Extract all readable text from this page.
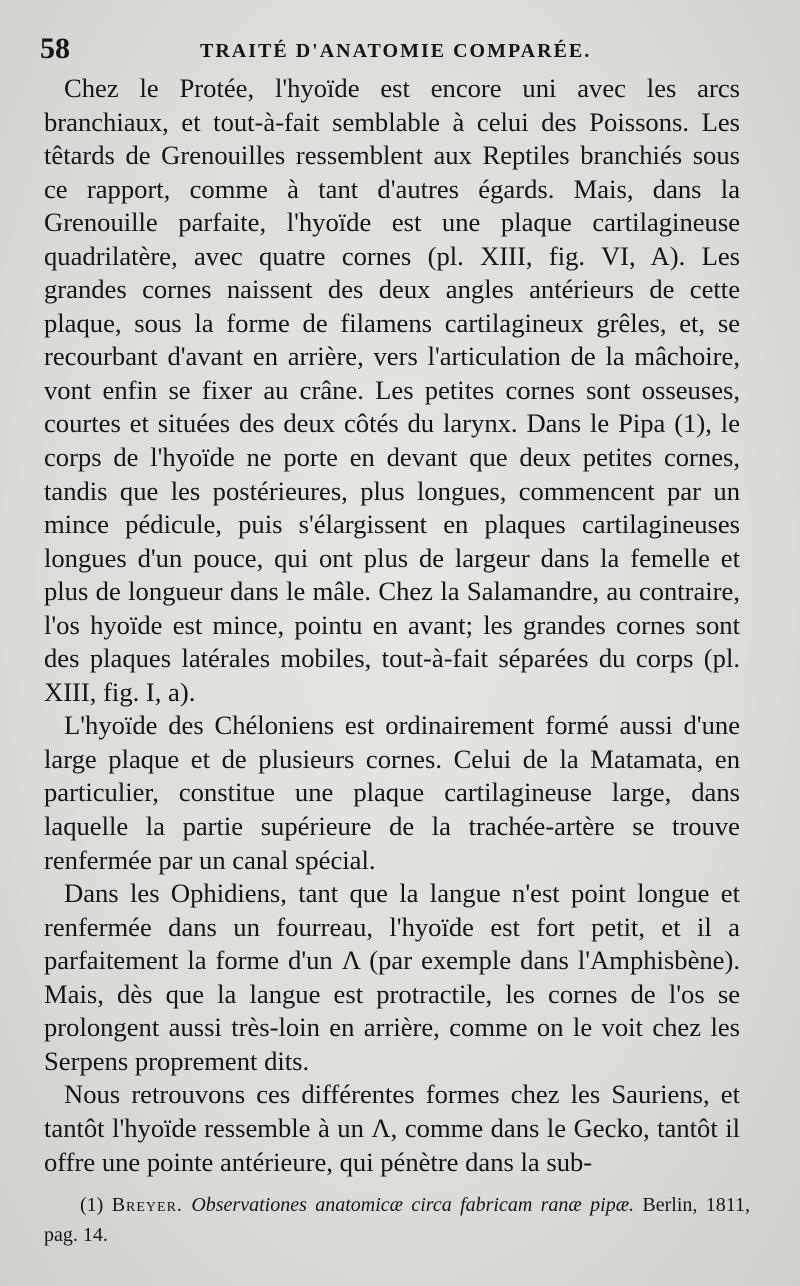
58	TRAITÉ D'ANATOMIE COMPARÉE.

Chez le Protée, l'hyoïde est encore uni avec les arcs branchiaux, et tout-à-fait semblable à celui des Poissons. Les têtards de Grenouilles ressemblent aux Reptiles branchiés sous ce rapport, comme à tant d'autres égards. Mais, dans la Grenouille parfaite, l'hyoïde est une plaque cartilagineuse quadrilatère, avec quatre cornes (pl. XIII, fig. VI, A). Les grandes cornes naissent des deux angles antérieurs de cette plaque, sous la forme de filamens cartilagineux grêles, et, se recourbant d'avant en arrière, vers l'articulation de la mâchoire, vont enfin se fixer au crâne. Les petites cornes sont osseuses, courtes et situées des deux côtés du larynx. Dans le Pipa (1), le corps de l'hyoïde ne porte en devant que deux petites cornes, tandis que les postérieures, plus longues, commencent par un mince pédicule, puis s'élargissent en plaques cartilagineuses longues d'un pouce, qui ont plus de largeur dans la femelle et plus de longueur dans le mâle. Chez la Salamandre, au contraire, l'os hyoïde est mince, pointu en avant; les grandes cornes sont des plaques latérales mobiles, tout-à-fait séparées du corps (pl. XIII, fig. I, a).

L'hyoïde des Chéloniens est ordinairement formé aussi d'une large plaque et de plusieurs cornes. Celui de la Matamata, en particulier, constitue une plaque cartilagineuse large, dans laquelle la partie supérieure de la trachée-artère se trouve renfermée par un canal spécial.

Dans les Ophidiens, tant que la langue n'est point longue et renfermée dans un fourreau, l'hyoïde est fort petit, et il a parfaitement la forme d'un Λ (par exemple dans l'Amphisbène). Mais, dès que la langue est protractile, les cornes de l'os se prolongent aussi très-loin en arrière, comme on le voit chez les Serpens proprement dits.

Nous retrouvons ces différentes formes chez les Sauriens, et tantôt l'hyoïde ressemble à un Λ, comme dans le Gecko, tantôt il offre une pointe antérieure, qui pénètre dans la sub-

(1) Breyer. Observationes anatomicæ circa fabricam ranæ pipæ. Berlin, 1811, pag. 14.
